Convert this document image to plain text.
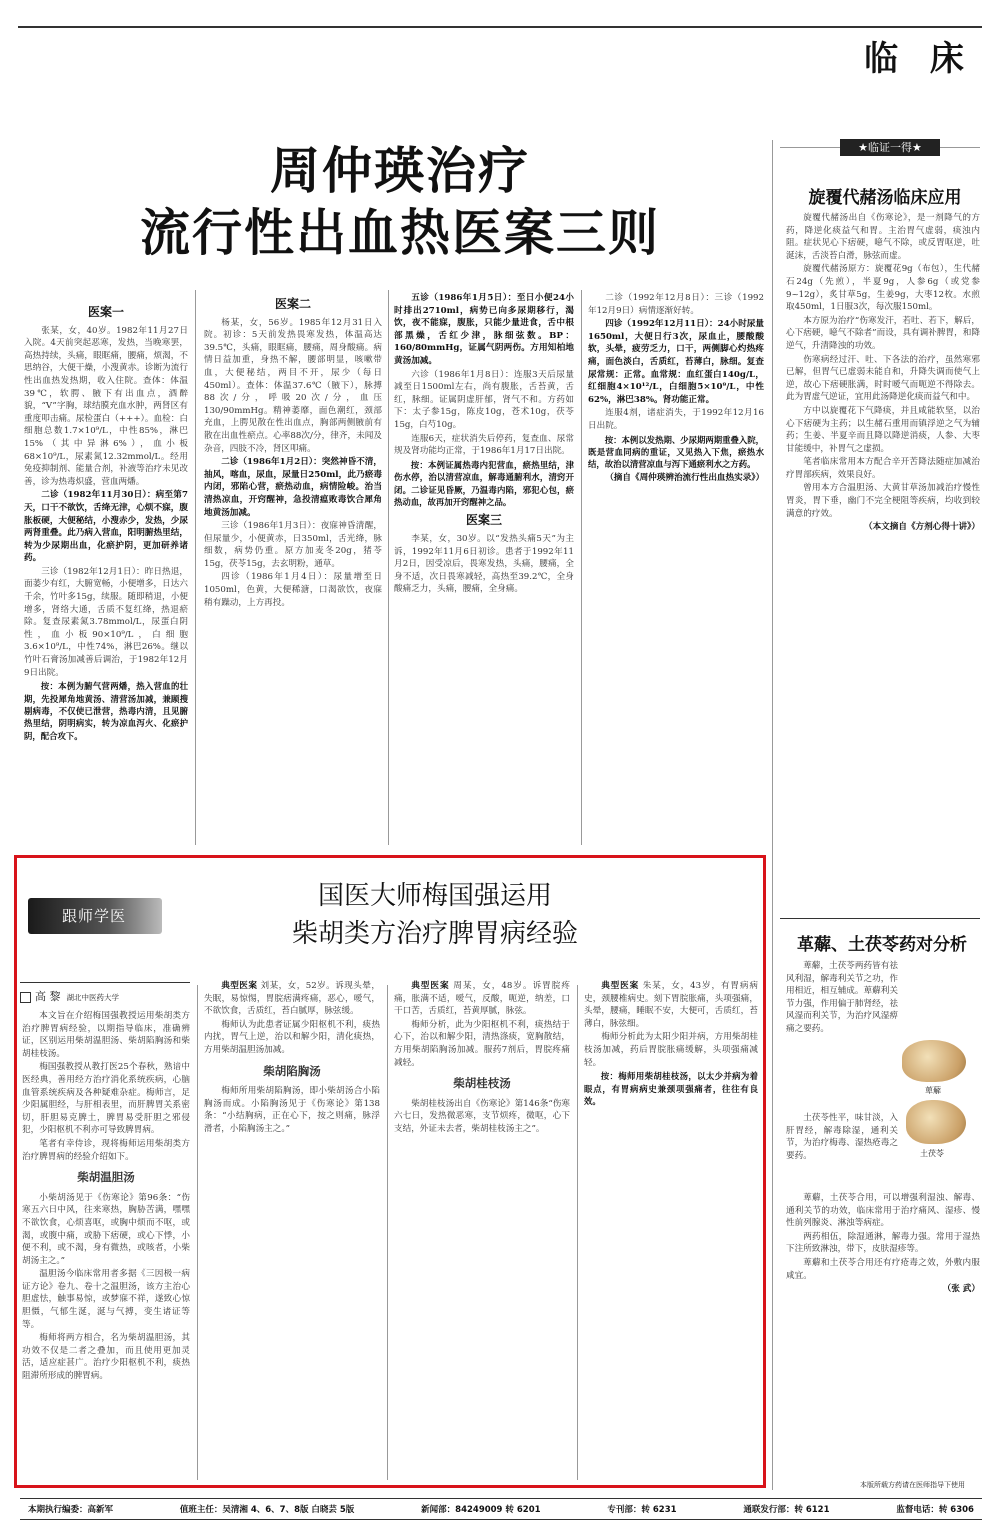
临 床
周仲瑛治疗
流行性出血热医案三则
医案一

张某，女，40岁。1982年11月27日入院。4天前突起恶寒，发热，当晚寒罢，高热持续，头痛，眼眶痛，腰痛，烦渴，不思纳谷，大便干燥，小溲黄赤。诊断为流行性出血热发热期，收入住院。查体：体温39℃，软腭、腋下有出血点，酒醉貌，“V”字胸，球结膜充血水肿，两肾区有重度叩击痛。尿检蛋白（+++）。血检：白细胞总数1.7×10⁹/L，中性85%，淋巴15%（其中异淋6%），血小板68×10⁹/L，尿素氮12.32mmol/L。经用免疫抑制剂、能量合剂，补液等治疗未见改善，诊为热毒炽盛，营血两燔。

二诊（1982年11月30日）：病至第7天，口干不欲饮，舌绛无津，心烦不寐，腹胀板硬，大便秘结，小溲赤少，发热，少尿两肾重叠。此乃病入营血，阳明腑热里结，转为少尿期出血，化瘀护阴，更加研养诸药。

三诊（1982年12月1日）：昨日热退，面萎少有红，大腑宽畅，小便增多，日达六千余，竹叶多15g，续服。随即稍退，小便增多，肾络大通，舌质不复红绛，热退瘀除。复查尿素氮3.78mmol/L，尿蛋白阴性，血小板90×10⁹/L，白细胞3.6×10⁹/L，中性74%，淋巴26%。继以竹叶石膏汤加减善后调治，于1982年12月9日出院。

按：本例为腑气营两燔，热入营血的壮期，先投犀角地黄汤、清营汤加减，兼顾搜剔病毒，不仅使已泄营，热毒内清，且见腑热里结，阴明病实，转为凉血泻火、化瘀护阴，配合攻下。

医案二

杨某，女，56岁。1985年12月31日入院。初诊：5天前发热畏寒发热，体温高达39.5℃，头痛，眼眶痛，腰痛，周身酸痛。病情日益加重，身热不解，腰部明显，咳嗽带血，大便秘结，两目不开，尿少（每日450ml）。查体：体温37.6℃（腋下），脉搏88次/分，呼吸20次/分，血压130/90mmHg。精神萎靡，面色潮红，颈部充血，上腭见散在性出血点，胸部两侧腋前有散在出血性瘀点。心率88次/分，律齐，未闻及杂音，四肢不冷，肾区叩痛。

二诊（1986年1月2日）：突然神昏不清，抽风，喀血，尿血，尿量日250ml，此乃瘀毒内闭，邪陷心营，瘀热动血，病情险峻。治当清热凉血，开窍醒神，急投清瘟败毒饮合犀角地黄汤加减。

三诊（1986年1月3日）：夜寐神昏清醒，但尿量少，小便黄赤，日350ml，舌光绛，脉细数，病势仍重。原方加麦冬20g，猪苓15g，茯苓15g，去玄明粉，通草。

四诊（1986年1月4日）：尿量增至日1050ml，色黄，大便稀溏，口渴欲饮，夜寐稍有躁动，上方再投。

五诊（1986年1月5日）：至日小便24小时排出2710ml，病势已向多尿期移行，渴饮，夜不能寐，腹胀，只能少量进食，舌中根部黑燥，舌红少津，脉细弦数。BP：160/80mmHg，证属气阴两伤。方用知柏地黄汤加减。

六诊（1986年1月8日）：连服3天后尿量减至日1500ml左右，尚有腹胀，舌苔黄，舌红，脉细。证属阴虚肝郁，肾气不和。方药如下：太子参15g，陈皮10g，苍术10g，茯苓15g，白芍10g。

连服6天，症状消失后停药，复查血、尿常规及肾功能均正常，于1986年1月17日出院。

按：本例证属热毒内犯营血，瘀热里结，津伤水停，治以清营凉血，解毒通腑利水，清窍开闭。二诊证见昏厥，乃温毒内陷，邪犯心包，瘀热动血，故再加开窍醒神之品。

医案三

李某，女，30岁。以“发热头痛5天”为主诉，1992年11月6日初诊。患者于1992年11月2日，因受凉后，畏寒发热，头痛，腰痛，全身不适，次日畏寒减轻，高热至39.2℃，全身酸痛乏力，头痛，腰痛，全身痛。

二诊（1992年12月8日）：三诊（1992年12月9日）病情逐渐好转。

四诊（1992年12月11日）：24小时尿量1650ml，大便日行3次，尿血止，腰酸酸软，头晕，疲劳乏力，口干，两侧脚心灼热疼痛，面色淡白，舌质红，苔薄白，脉细。复查尿常规：正常。血常规：血红蛋白140g/L，红细胞4×10¹²/L，白细胞5×10⁹/L，中性62%，淋巴38%。肾功能正常。

连服4剂，诸症消失，于1992年12月16日出院。

按：本例以发热期、少尿期两期重叠入院，既是营血同病的重证，又见热入下焦，瘀热水结，故治以清营凉血与泻下通瘀利水之方药。

（摘自《周仲瑛辨治流行性出血热实录》）

跟师学医
国医大师梅国强运用
柴胡类方治疗脾胃病经验
高 黎 湖北中医药大学

本文旨在介绍梅国强教授运用柴胡类方治疗脾胃病经验，以期指导临床，准确辨证，区别运用柴胡温胆汤、柴胡陷胸汤和柴胡桂枝汤。

梅国强教授从教打医25个春秋，熟谙中医经典，善用经方治疗消化系统疾病，心脑血管系统疾病及各种疑难杂症。梅师言，足少阳属胆经，与肝相表里，而肝脾胃关系密切，肝胆易克脾土，脾胃易受肝胆之邪侵犯，少阳枢机不利亦可导致脾胃病。

笔者有幸侍诊，现将梅师运用柴胡类方治疗脾胃病的经验介绍如下。

柴胡温胆汤

小柴胡汤见于《伤寒论》第96条：“伤寒五六日中风，往来寒热，胸胁苦满，嘿嘿不欲饮食，心烦喜呕，或胸中烦而不呕，或渴，或腹中痛，或胁下痞硬，或心下悸，小便不利，或不渴，身有微热，或咳者，小柴胡汤主之。”

温胆汤今临床常用者多据《三因极一病证方论》卷九、卷十之温胆汤，该方主治心胆虚怯，触事易惊，或梦寐不祥，遂致心惊胆慑，气郁生涎，涎与气搏，变生诸证等等。

梅师将两方相合，名为柴胡温胆汤，其功效不仅是二者之叠加，而且使用更加灵活，适应症甚广。治疗少阳枢机不利，痰热阻滞所形成的脾胃病。

典型医案 刘某，女，52岁。诉现头晕，失眠，易惊惕，胃脘痞满疼痛，恶心，嗳气，不欲饮食，舌质红，苔白腻厚，脉弦缓。

梅师认为此患者证属少阳枢机不利，痰热内扰，胃气上逆，治以和解少阳，清化痰热，方用柴胡温胆汤加减。

柴胡陷胸汤

梅师所用柴胡陷胸汤，即小柴胡汤合小陷胸汤而成。小陷胸汤见于《伤寒论》第138条：“小结胸病，正在心下，按之则痛，脉浮滑者，小陷胸汤主之。”

典型医案 周某，女，48岁。诉胃脘疼痛，胀满不适，嗳气，反酸，呃逆，纳差，口干口苦，舌质红，苔黄厚腻，脉弦。

梅师分析，此为少阳枢机不利，痰热结于心下，治以和解少阳，清热涤痰，宽胸散结，方用柴胡陷胸汤加减。服药7剂后，胃脘疼痛减轻。

柴胡桂枝汤

柴胡桂枝汤出自《伤寒论》第146条“伤寒六七日，发热微恶寒，支节烦疼，微呕，心下支结，外证未去者，柴胡桂枝汤主之”。

典型医案 朱某，女，43岁，有胃病病史，颈腰椎病史。刻下胃脘胀痛，头项强痛，头晕，腰痛，睡眠不安，大便可，舌质红，苔薄白，脉弦细。

梅师分析此为太阳少阳并病，方用柴胡桂枝汤加减，药后胃脘胀痛缓解，头项强痛减轻。

按：梅师用柴胡桂枝汤，以太少并病为着眼点，有胃病病史兼颈项强痛者，往往有良效。

★临证一得★
旋覆代赭汤临床应用

旋覆代赭汤出自《伤寒论》，是一剂降气的方药，降逆化痰益气和胃。主治胃气虚弱，痰浊内阻。症状见心下痞硬，噫气不除，或反胃呕逆，吐涎沫，舌淡苔白滑，脉弦而虚。

旋覆代赭汤原方：旋覆花9g（布包），生代赭石24g（先煎），半夏9g，人参6g（或党参9~12g），炙甘草5g，生姜9g，大枣12枚。水煎取450ml，1日服3次，每次服150ml。

本方原为治疗“伤寒发汗，若吐、若下，解后，心下痞硬，噫气不除者”而设，具有调补脾胃，和降逆气，升清降浊的功效。

伤寒病经过汗、吐、下各法的治疗，虽然寒邪已解，但胃气已虚弱未能自和，升降失调而使气上逆，故心下痞硬胀满，时时嗳气而呃逆不得除去。此为胃虚气逆证，宜用此汤降逆化痰而益气和中。

方中以旋覆花下气降痰，并且咸能软坚，以治心下痞硬为主药；以生赭石重用而镇浮逆之气为辅药；生姜、半夏辛而且降以降逆消痰，人参、大枣甘能缓中，补胃气之虚损。

笔者临床常用本方配合辛开苦降法随症加减治疗胃部疾病，效果良好。

曾用本方合温胆汤、大黄甘草汤加减治疗慢性胃炎，胃下垂，幽门不完全梗阻等疾病，均收到较满意的疗效。

（本文摘自《方剂心得十讲》）

革薢、土茯苓药对分析

萆薢，土茯苓两药皆有祛风利湿，解毒利关节之功，作用相近，相互辅成。萆薢利关节力强，作用偏于肺肾经，祛风湿而利关节，为治疗风湿痹痛之要药。

萆薢
土茯苓

土茯苓性平，味甘淡，入肝胃经，解毒除湿，通利关节，为治疗梅毒、湿热疮毒之要药。

萆薢，土茯苓合用，可以增强利湿浊、解毒、通利关节的功效，临床常用于治疗痛风、湿疹、慢性前列腺炎、淋浊等病症。

两药相伍，除湿通淋，解毒力强。常用于湿热下注所致淋浊，带下，皮肤湿疹等。

萆薢和土茯苓合用还有疗疮毒之效，外敷内服咸宜。

（张 武）

本版所载方药请在医师指导下使用
本期执行编委：高新军	值班主任：吴清湘 4、6、7、8版 白晓芸 5版	新闻部：84249009 转 6201	专刊部：转 6231	通联发行部：转 6121	监督电话：转 6306
